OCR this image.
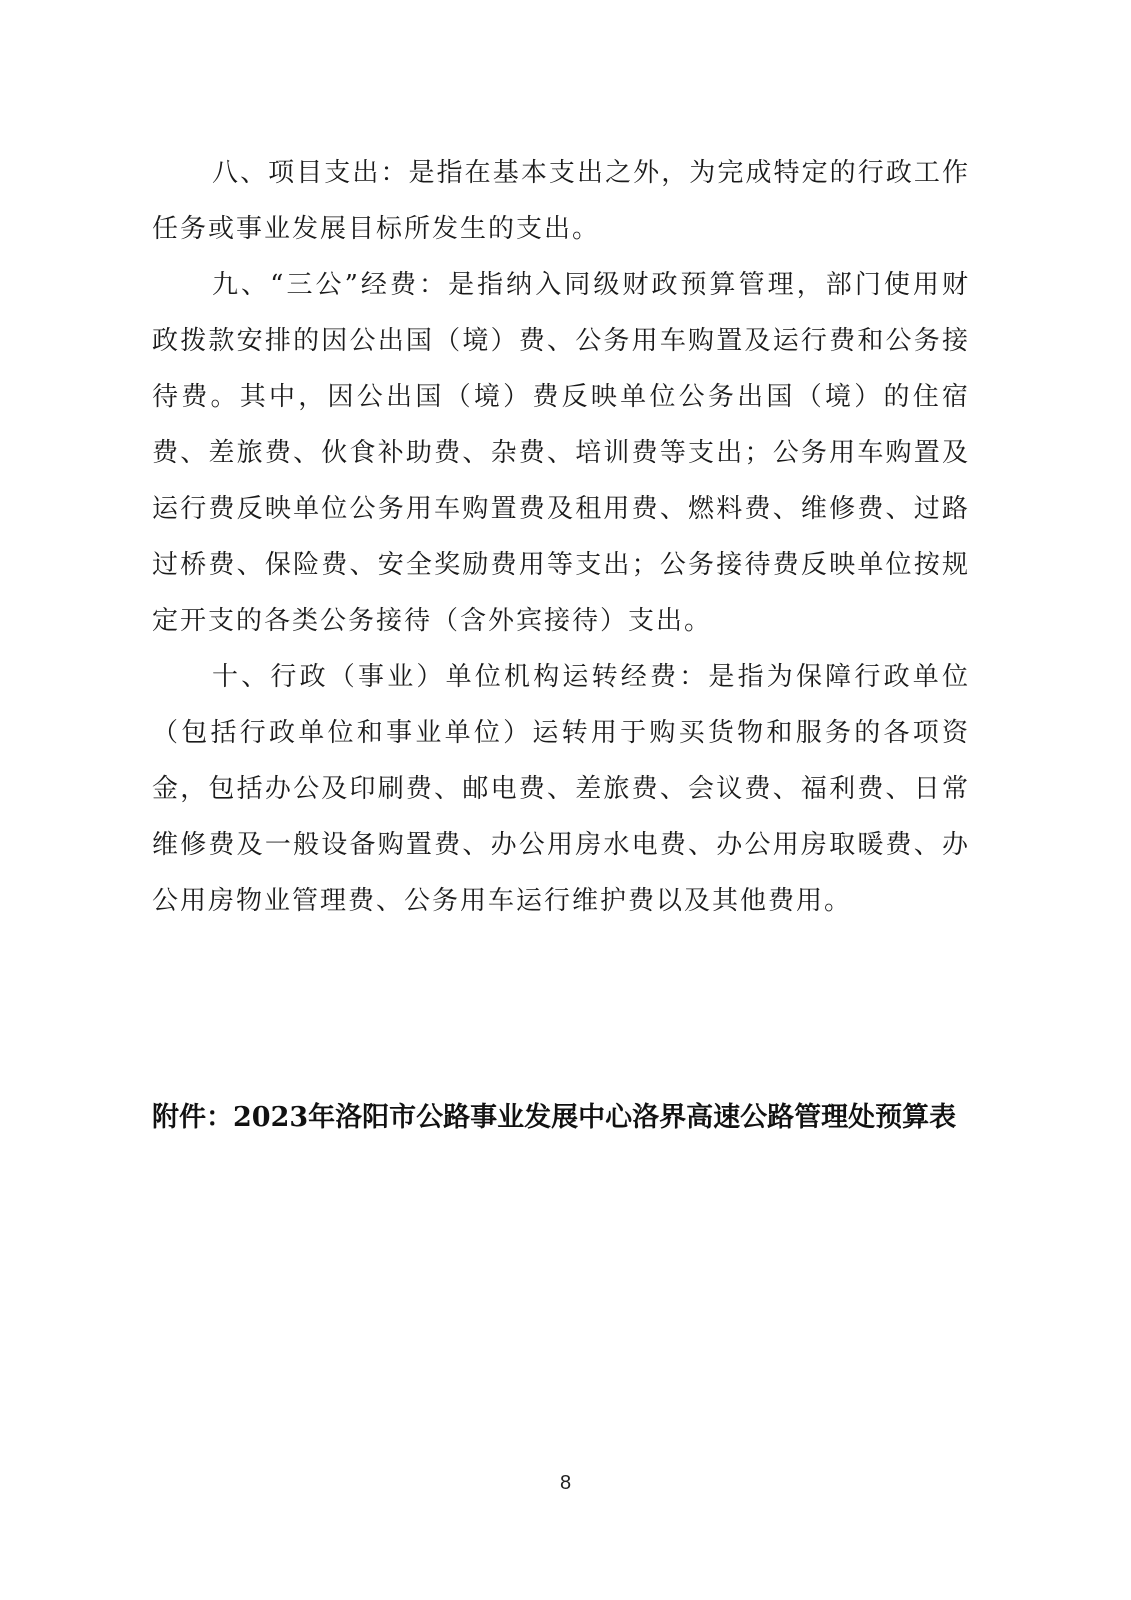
八、项目支出：是指在基本支出之外，为完成特定的行政工作任务或事业发展目标所发生的支出。

九、“三公”经费：是指纳入同级财政预算管理，部门使用财政拨款安排的因公出国（境）费、公务用车购置及运行费和公务接待费。其中，因公出国（境）费反映单位公务出国（境）的住宿费、差旅费、伙食补助费、杂费、培训费等支出；公务用车购置及运行费反映单位公务用车购置费及租用费、燃料费、维修费、过路过桥费、保险费、安全奖励费用等支出；公务接待费反映单位按规定开支的各类公务接待（含外宾接待）支出。

十、行政（事业）单位机构运转经费：是指为保障行政单位（包括行政单位和事业单位）运转用于购买货物和服务的各项资金，包括办公及印刷费、邮电费、差旅费、会议费、福利费、日常维修费及一般设备购置费、办公用房水电费、办公用房取暖费、办公用房物业管理费、公务用车运行维护费以及其他费用。

附件：2023年洛阳市公路事业发展中心洛界高速公路管理处预算表
8
